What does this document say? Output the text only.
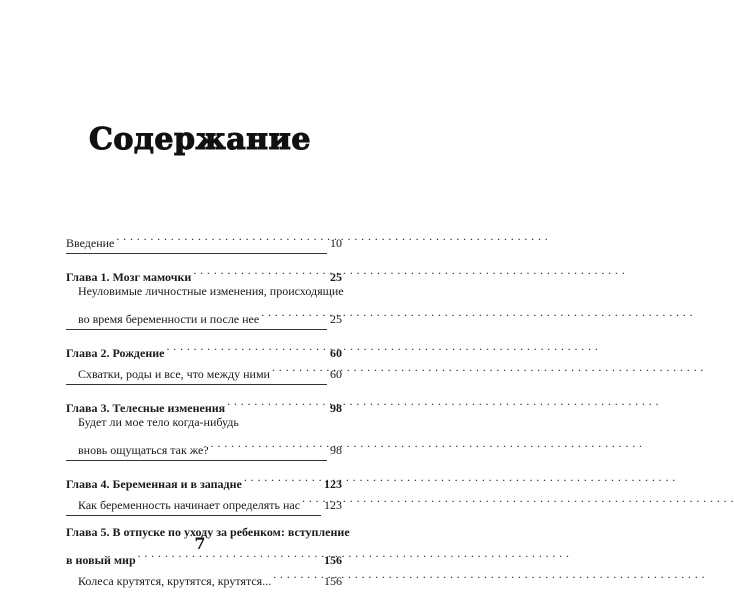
Содержание
Введение . . .	10
Глава 1. Мозг мамочки . . .	25
Неуловимые личностные изменения, происходящие
во время беременности и после нее . . .	25
Глава 2. Рождение . . .	60
Схватки, роды и все, что между ними . . .	60
Глава 3. Телесные изменения . . .	98
Будет ли мое тело когда-нибудь
вновь ощущаться так же? . . .	98
Глава 4. Беременная и в западне . . .	123
Как беременность начинает определять нас . . . 123
Глава 5. В отпуске по уходу за ребенком: вступление
в новый мир . . .	156
Колеса крутятся, крутятся, крутятся... . . .	156
7
